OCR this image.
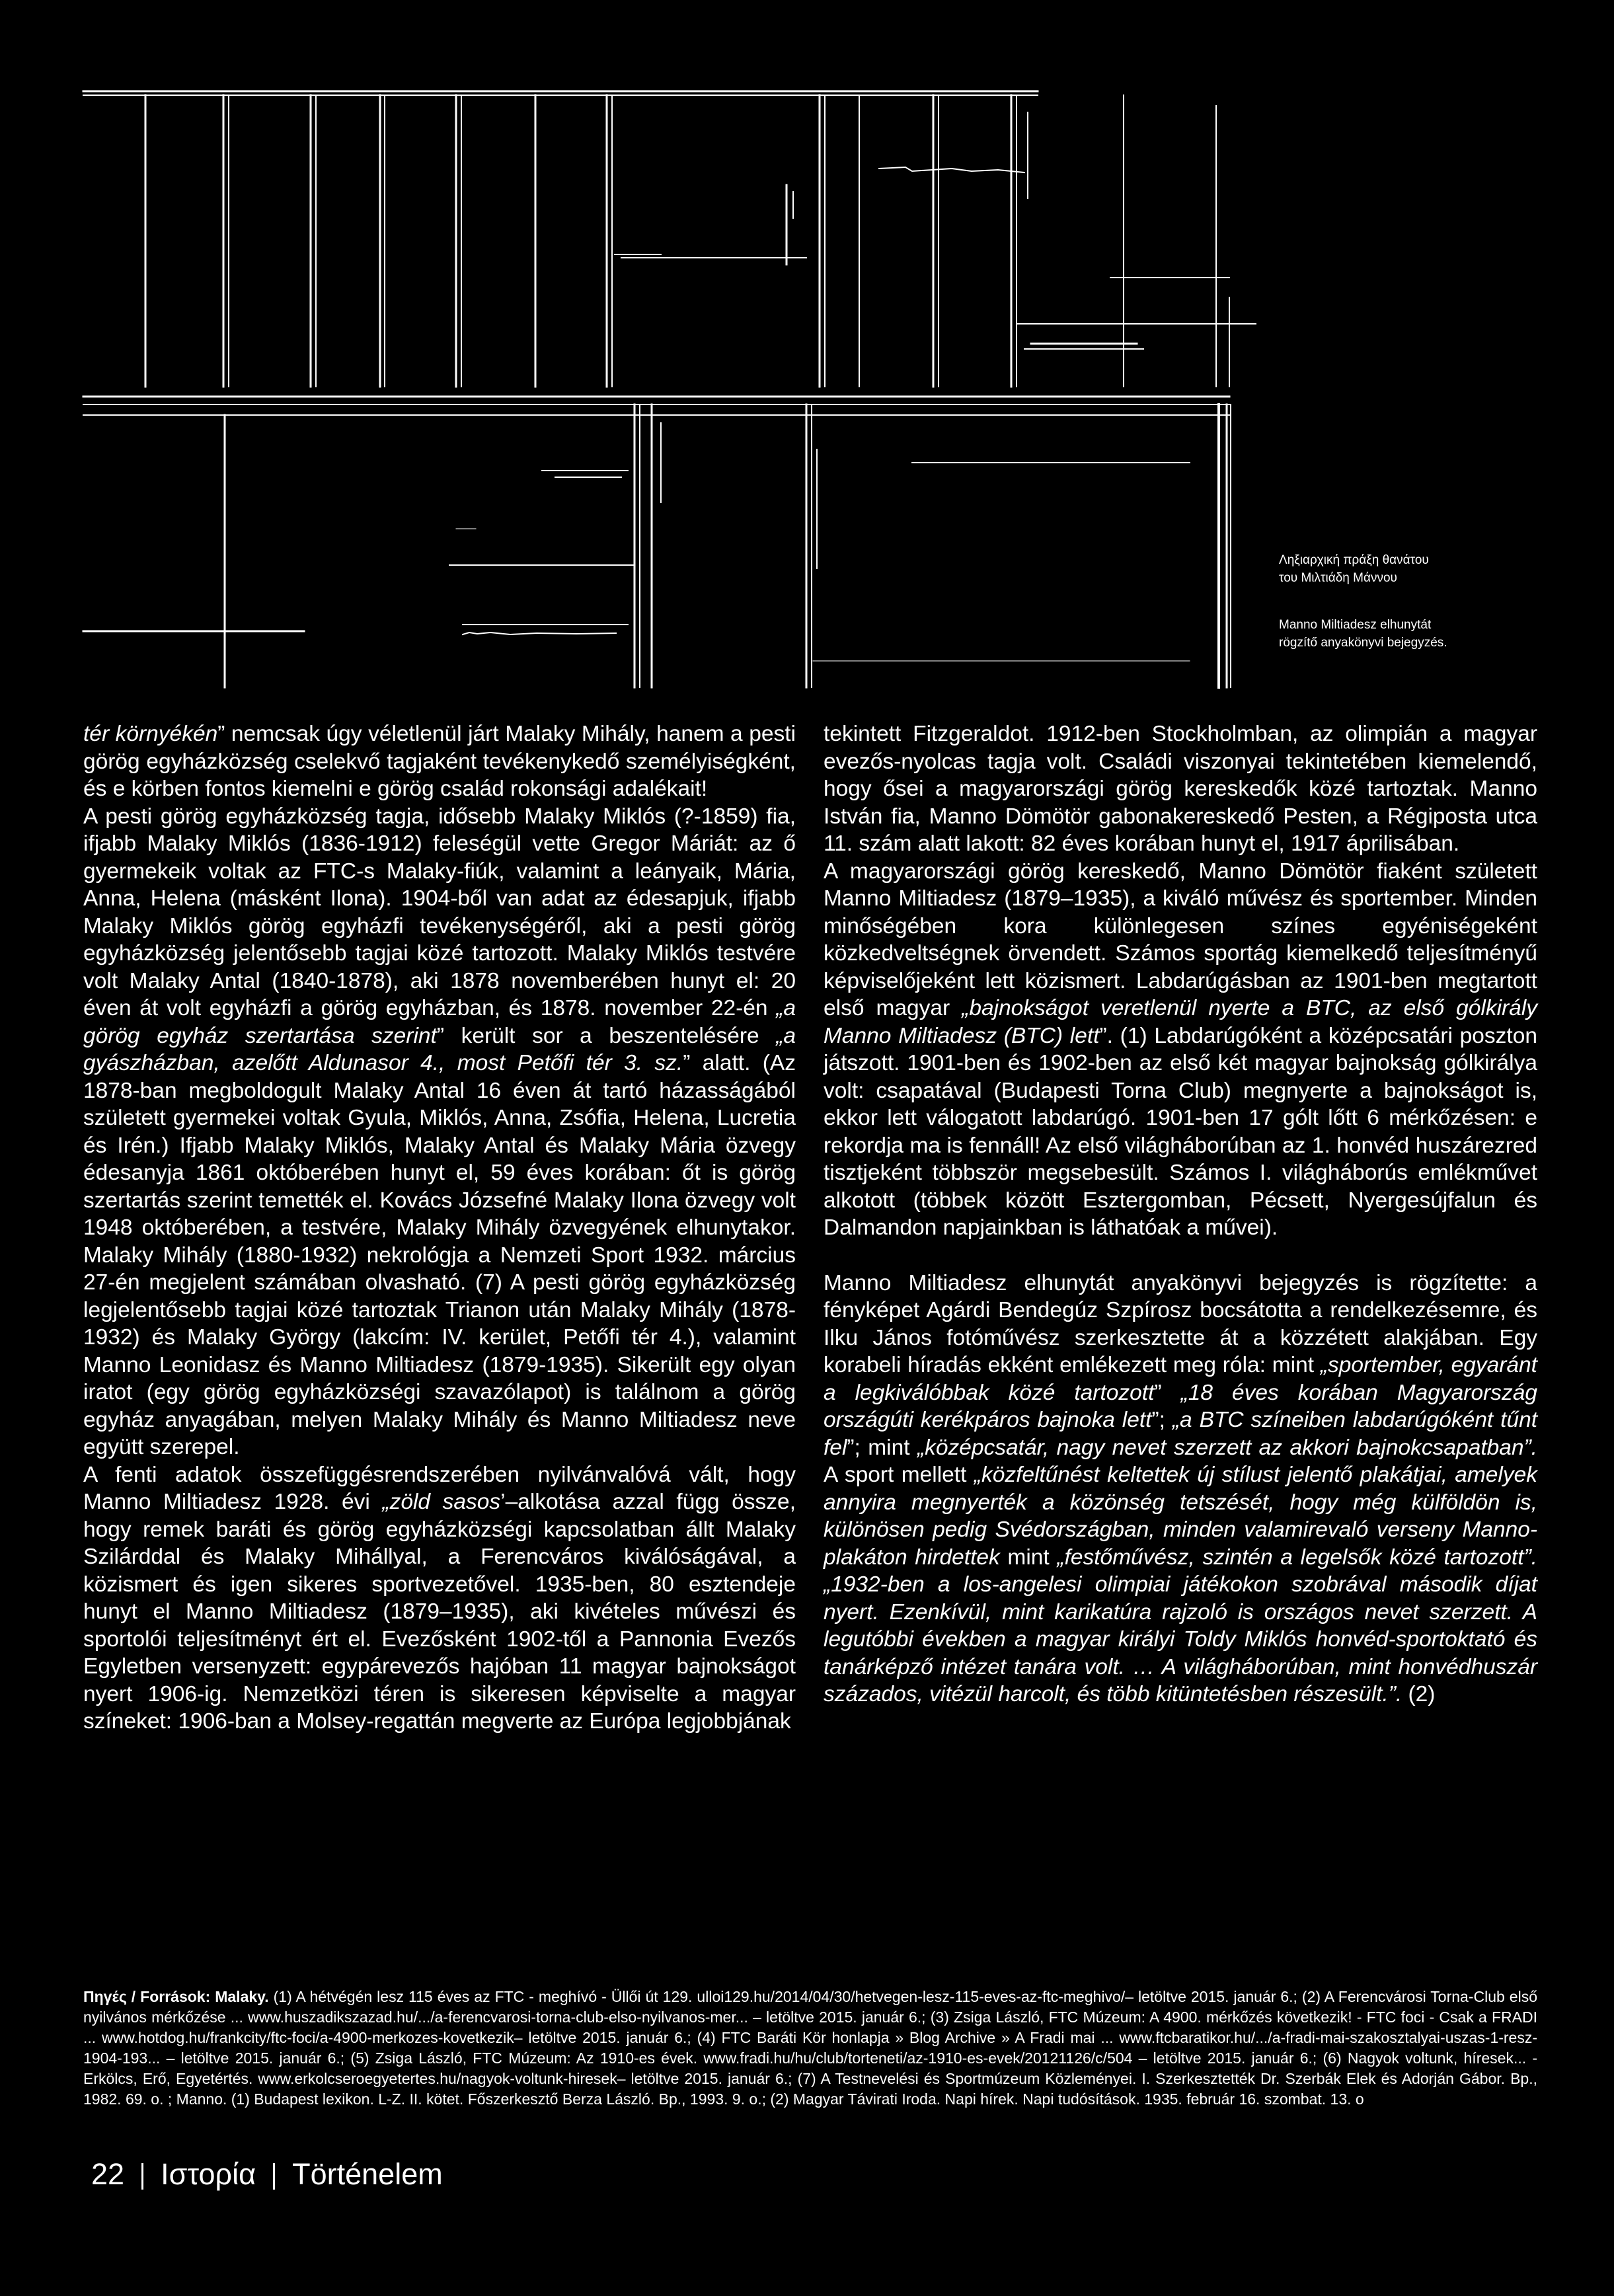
Ληξιαρχική πράξη θανάτου
του Μιλτιάδη Μάννου
Manno Miltiadesz elhunytát
rögzítő anyakönyvi bejegyzés.

tér környékén” nemcsak úgy véletlenül járt Malaky Mihály, hanem a pesti görög egyházközség cselekvő tagjaként tevékenykedő személyiségként, és e körben fontos kiemelni e görög család rokonsági adalékait!

A pesti görög egyházközség tagja, idősebb Malaky Miklós (?-1859) fia, ifjabb Malaky Miklós (1836-1912) feleségül vette Gregor Máriát: az ő gyermekeik voltak az FTC-s Malaky-fiúk, valamint a leányaik, Mária, Anna, Helena (másként Ilona). 1904-ből van adat az édesapjuk, ifjabb Malaky Miklós görög egyházfi tevékenységéről, aki a pesti görög egyházközség jelentősebb tagjai közé tartozott. Malaky Miklós testvére volt Malaky Antal (1840-1878), aki 1878 novemberében hunyt el: 20 éven át volt egyházfi a görög egyházban, és 1878. november 22-én „a görög egyház szertartása szerint” került sor a beszentelésére „a gyászházban, azelőtt Aldunasor 4., most Petőfi tér 3. sz.” alatt. (Az 1878-ban megboldogult Malaky Antal 16 éven át tartó házasságából született gyermekei voltak Gyula, Miklós, Anna, Zsófia, Helena, Lucretia és Irén.) Ifjabb Malaky Miklós, Malaky Antal és Malaky Mária özvegy édesanyja 1861 októberében hunyt el, 59 éves korában: őt is görög szertartás szerint temették el. Kovács Józsefné Malaky Ilona özvegy volt 1948 októberében, a testvére, Malaky Mihály özvegyének elhunytakor. Malaky Mihály (1880-1932) nekrológja a Nemzeti Sport 1932. március 27-én megjelent számában olvasható. (7) A pesti görög egyházközség legjelentősebb tagjai közé tartoztak Trianon után Malaky Mihály (1878-1932) és Malaky György (lakcím: IV. kerület, Petőfi tér 4.), valamint Manno Leonidasz és Manno Miltiadesz (1879-1935). Sikerült egy olyan iratot (egy görög egyházközségi szavazólapot) is találnom a görög egyház anyagában, melyen Malaky Mihály és Manno Miltiadesz neve együtt szerepel.

A fenti adatok összefüggésrendszerében nyilvánvalóvá vált, hogy Manno Miltiadesz 1928. évi „zöld sasos’–alkotása azzal függ össze, hogy remek baráti és görög egyházközségi kapcsolatban állt Malaky Szilárddal és Malaky Mihállyal, a Ferencváros kiválóságával, a közismert és igen sikeres sportvezetővel. 1935-ben, 80 esztendeje hunyt el Manno Miltiadesz (1879–1935), aki kivételes művészi és sportolói teljesítményt ért el. Evezősként 1902-től a Pannonia Evezős Egyletben versenyzett: egypárevezős hajóban 11 magyar bajnokságot nyert 1906-ig. Nemzetközi téren is sikeresen képviselte a magyar színeket: 1906-ban a Molsey-regattán megverte az Európa legjobbjának

tekintett Fitzgeraldot. 1912-ben Stockholmban, az olimpián a magyar evezős-nyolcas tagja volt. Családi viszonyai tekintetében kiemelendő, hogy ősei a magyarországi görög kereskedők közé tartoztak. Manno István fia, Manno Dömötör gabonakereskedő Pesten, a Régiposta utca 11. szám alatt lakott: 82 éves korában hunyt el, 1917 áprilisában.

A magyarországi görög kereskedő, Manno Dömötör fiaként született Manno Miltiadesz (1879–1935), a kiváló művész és sportember. Minden minőségében kora különlegesen színes egyéniségeként közkedveltségnek örvendett. Számos sportág kiemelkedő teljesítményű képviselőjeként lett közismert. Labdarúgásban az 1901-ben megtartott első magyar „bajnokságot veretlenül nyerte a BTC, az első gólkirály Manno Miltiadesz (BTC) lett”. (1) Labdarúgóként a középcsatári poszton játszott. 1901-ben és 1902-ben az első két magyar bajnokság gólkirálya volt: csapatával (Budapesti Torna Club) megnyerte a bajnokságot is, ekkor lett válogatott labdarúgó. 1901-ben 17 gólt lőtt 6 mérkőzésen: e rekordja ma is fennáll! Az első világháborúban az 1. honvéd huszárezred tisztjeként többször megsebesült. Számos I. világháborús emlékművet alkotott (többek között Esztergomban, Pécsett, Nyergesújfalun és Dalmandon napjainkban is láthatóak a művei).

Manno Miltiadesz elhunytát anyakönyvi bejegyzés is rögzítette: a fényképet Agárdi Bendegúz Szpírosz bocsátotta a rendelkezésemre, és Ilku János fotóművész szerkesztette át a közzétett alakjában. Egy korabeli híradás ekként emlékezett meg róla: mint „sportember, egyaránt a legkiválóbbak közé tartozott” „18 éves korában Magyarország országúti kerékpáros bajnoka lett”; „a BTC színeiben labdarúgóként tűnt fel”; mint „középcsatár, nagy nevet szerzett az akkori bajnokcsapatban”. A sport mellett „közfeltűnést keltettek új stílust jelentő plakátjai, amelyek annyira megnyerték a közönség tetszését, hogy még külföldön is, különösen pedig Svédországban, minden valamirevaló verseny Manno-plakáton hirdettek mint „festőművész, szintén a legelsők közé tartozott”. „1932-ben a los-angelesi olimpiai játékokon szobrával második díjat nyert. Ezenkívül, mint karikatúra rajzoló is országos nevet szerzett. A legutóbbi években a magyar királyi Toldy Miklós honvéd-sportoktató és tanárképző intézet tanára volt. … A világháborúban, mint honvédhuszár százados, vitézül harcolt, és több kitüntetésben részesült.”. (2)

Πηγές / Források: Malaky. (1) A hétvégén lesz 115 éves az FTC - meghívó - Üllői út 129. ulloi129.hu/2014/04/30/hetvegen-lesz-115-eves-az-ftc-meghivo/– letöltve 2015. január 6.; (2) A Ferencvárosi Torna-Club első nyilvános mérkőzése ... www.huszadikszazad.hu/.../a-ferencvarosi-torna-club-elso-nyilvanos-mer... – letöltve 2015. január 6.; (3) Zsiga László, FTC Múzeum: A 4900. mérkőzés következik! - FTC foci - Csak a FRADI ... www.hotdog.hu/frankcity/ftc-foci/a-4900-merkozes-kovetkezik– letöltve 2015. január 6.; (4) FTC Baráti Kör honlapja » Blog Archive » A Fradi mai ... www.ftcbaratikor.hu/.../a-fradi-mai-szakosztalyai-uszas-1-resz-1904-193... – letöltve 2015. január 6.; (5) Zsiga László, FTC Múzeum: Az 1910-es évek. www.fradi.hu/hu/club/torteneti/az-1910-es-evek/20121126/c/504 – letöltve 2015. január 6.; (6) Nagyok voltunk, híresek... - Erkölcs, Erő, Egyetértés. www.erkolcseroegyetertes.hu/nagyok-voltunk-hiresek– letöltve 2015. január 6.; (7) A Testnevelési és Sportmúzeum Közleményei. I. Szerkesztették Dr. Szerbák Elek és Adorján Gábor. Bp., 1982. 69. o. ; Manno. (1) Budapest lexikon. L-Z. II. kötet. Főszerkesztő Berza László. Bp., 1993. 9. o.; (2) Magyar Távirati Iroda. Napi hírek. Napi tudósítások. 1935. február 16. szombat. 13. o
22 Ιστορία Történelem
